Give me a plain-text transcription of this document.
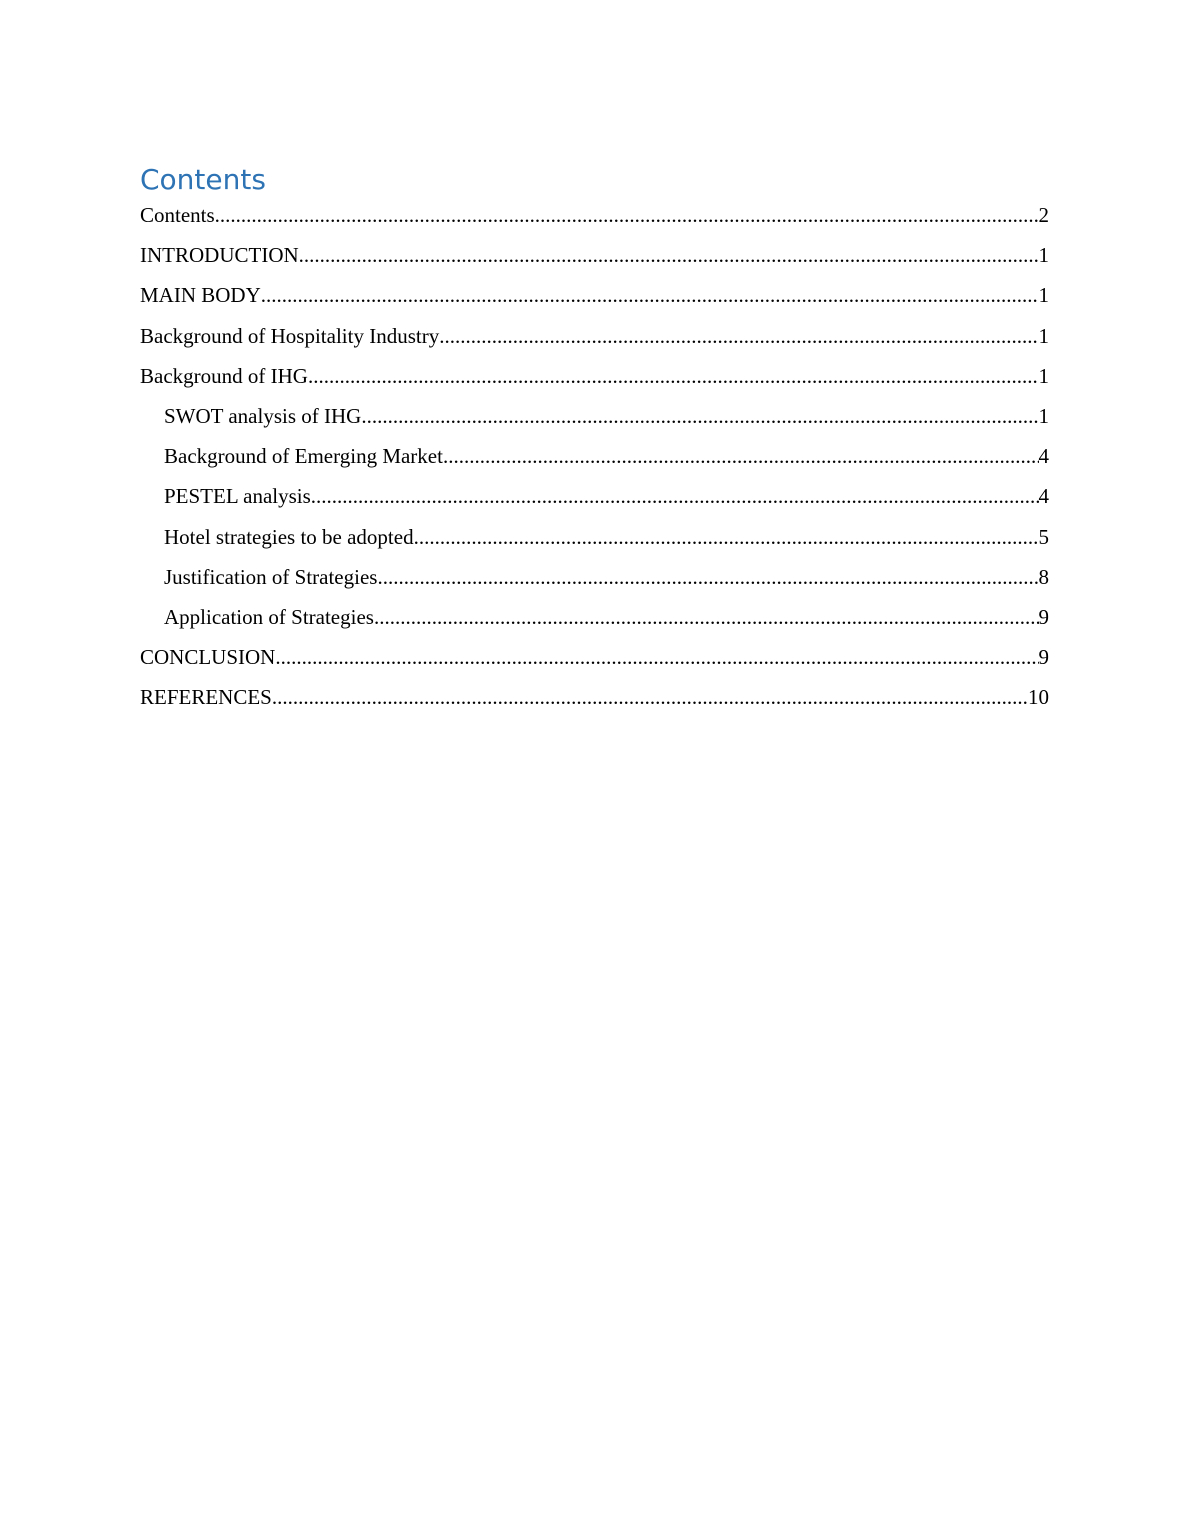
Contents
Contents .....	2
INTRODUCTION .....	1
MAIN BODY .....	1
Background of Hospitality Industry .....	1
Background of IHG .....	1
SWOT analysis of IHG .....	1
Background of Emerging Market .....	4
PESTEL analysis .....	4
Hotel strategies to be adopted .....	5
Justification of Strategies .....	8
Application of Strategies .....	9
CONCLUSION .....	9
REFERENCES .....	10
